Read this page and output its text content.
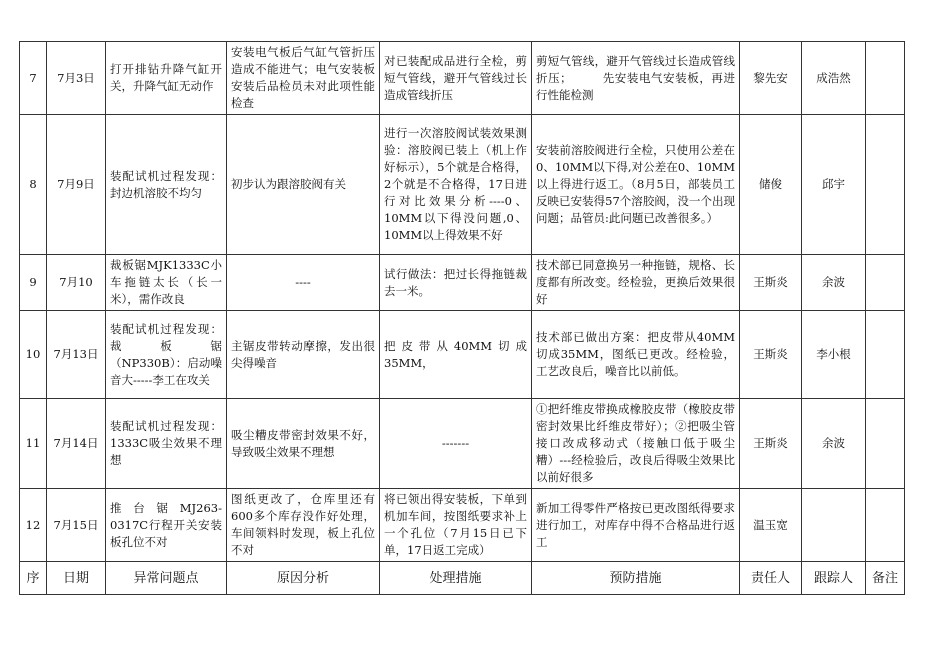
7	7月3日	打开排钻升降气缸开关，升降气缸无动作	安装电气板后气缸气管折压造成不能进气；电气安装板安装后品检员未对此项性能检查	对已装配成品进行全检，剪短气管线，避开气管线过长造成管线折压	剪短气管线，避开气管线过长造成管线折压；　　　先安装电气安装板，再进行性能检测	黎先安	成浩然	
8	7月9日	装配试机过程发现：封边机溶胶不均匀	初步认为跟溶胶阀有关	进行一次溶胶阀试装效果测验：溶胶阀已装上（机上作好标示），5个就是合格得，2个就是不合格得，17日进行对比效果分析----0、10MM以下得没问题,0、10MM以上得效果不好	安装前溶胶阀进行全检，只使用公差在0、10MM以下得,对公差在0、10MM以上得进行返工。（8月5日，部装员工反映已安装得57个溶胶阀，没一个出现问题；品管员:此问题已改善很多。）	储俊	邱宇	
9	7月10	裁板锯MJK1333C小车拖链太长（长一米），需作改良	----	试行做法：把过长得拖链裁去一米。	技术部已同意换另一种拖链，规格、长度都有所改变。经检验，更换后效果很好	王斯炎	余波	
10	7月13日	装配试机过程发现：裁　板　锯（NP330B）：启动噪音大-----李工在攻关	主锯皮带转动摩擦，发出很尖得噪音	把皮带从40MM切成35MM，	技术部已做出方案：把皮带从40MM切成35MM，图纸已更改。经检验，工艺改良后，噪音比以前低。	王斯炎	李小根	
11	7月14日	装配试机过程发现：1333C吸尘效果不理想	吸尘糟皮带密封效果不好，导致吸尘效果不理想	-------	①把纤维皮带换成橡胶皮带（橡胶皮带密封效果比纤维皮带好）；②把吸尘管接口改成移动式（接触口低于吸尘糟）---经检验后，改良后得吸尘效果比以前好很多	王斯炎	余波	
12	7月15日	推台锯MJ263-0317C行程开关安装板孔位不对	图纸更改了，仓库里还有600多个库存没作好处理，车间领料时发现，板上孔位不对	将已领出得安装板，下单到机加车间，按图纸要求补上一个孔位（7月15日已下单，17日返工完成）	新加工得零件严格按已更改图纸得要求进行加工，对库存中得不合格品进行返工	温玉宽		
序	日期	异常问题点	原因分析	处理措施	预防措施	责任人	跟踪人	备注
